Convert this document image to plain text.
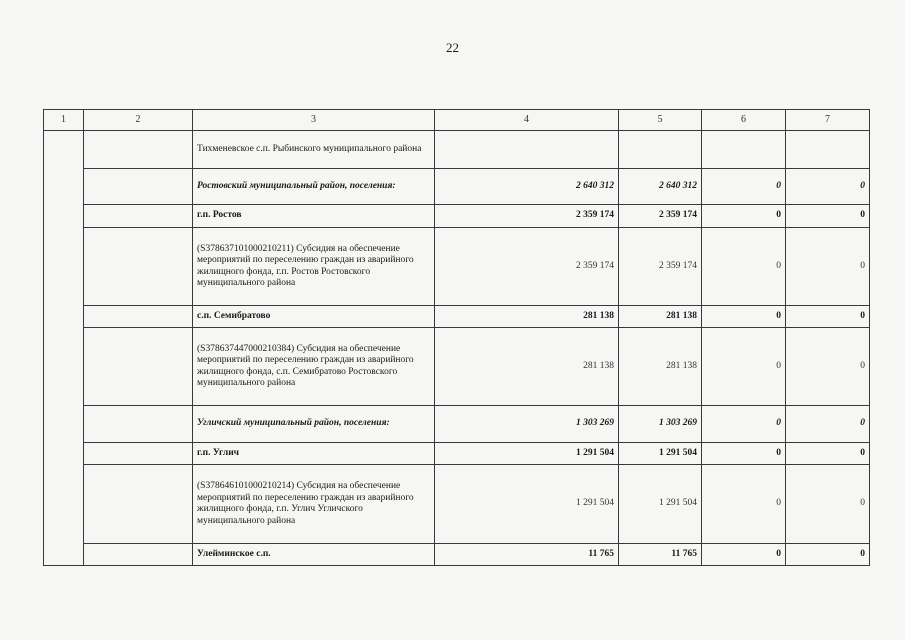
22
1	2	3	4	5	6	7
		Тихменевское с.п. Рыбинского муниципального района				
		Ростовский муниципальный район, поселения:	2 640 312	2 640 312	0	0
		г.п. Ростов	2 359 174	2 359 174	0	0
		(S378637101000210211) Субсидия на обеспечение мероприятий по переселению граждан из аварийного жилищного фонда, г.п. Ростов Ростовского муниципального района	2 359 174	2 359 174	0	0
		с.п. Семибратово	281 138	281 138	0	0
		(S378637447000210384) Субсидия на обеспечение мероприятий по переселению граждан из аварийного жилищного фонда, с.п. Семибратово Ростовского муниципального района	281 138	281 138	0	0
		Угличский муниципальный район, поселения:	1 303 269	1 303 269	0	0
		г.п. Углич	1 291 504	1 291 504	0	0
		(S378646101000210214) Субсидия на обеспечение мероприятий по переселению граждан из аварийного жилищного фонда, г.п. Углич Угличского муниципального района	1 291 504	1 291 504	0	0
		Улейминское с.п.	11 765	11 765	0	0
